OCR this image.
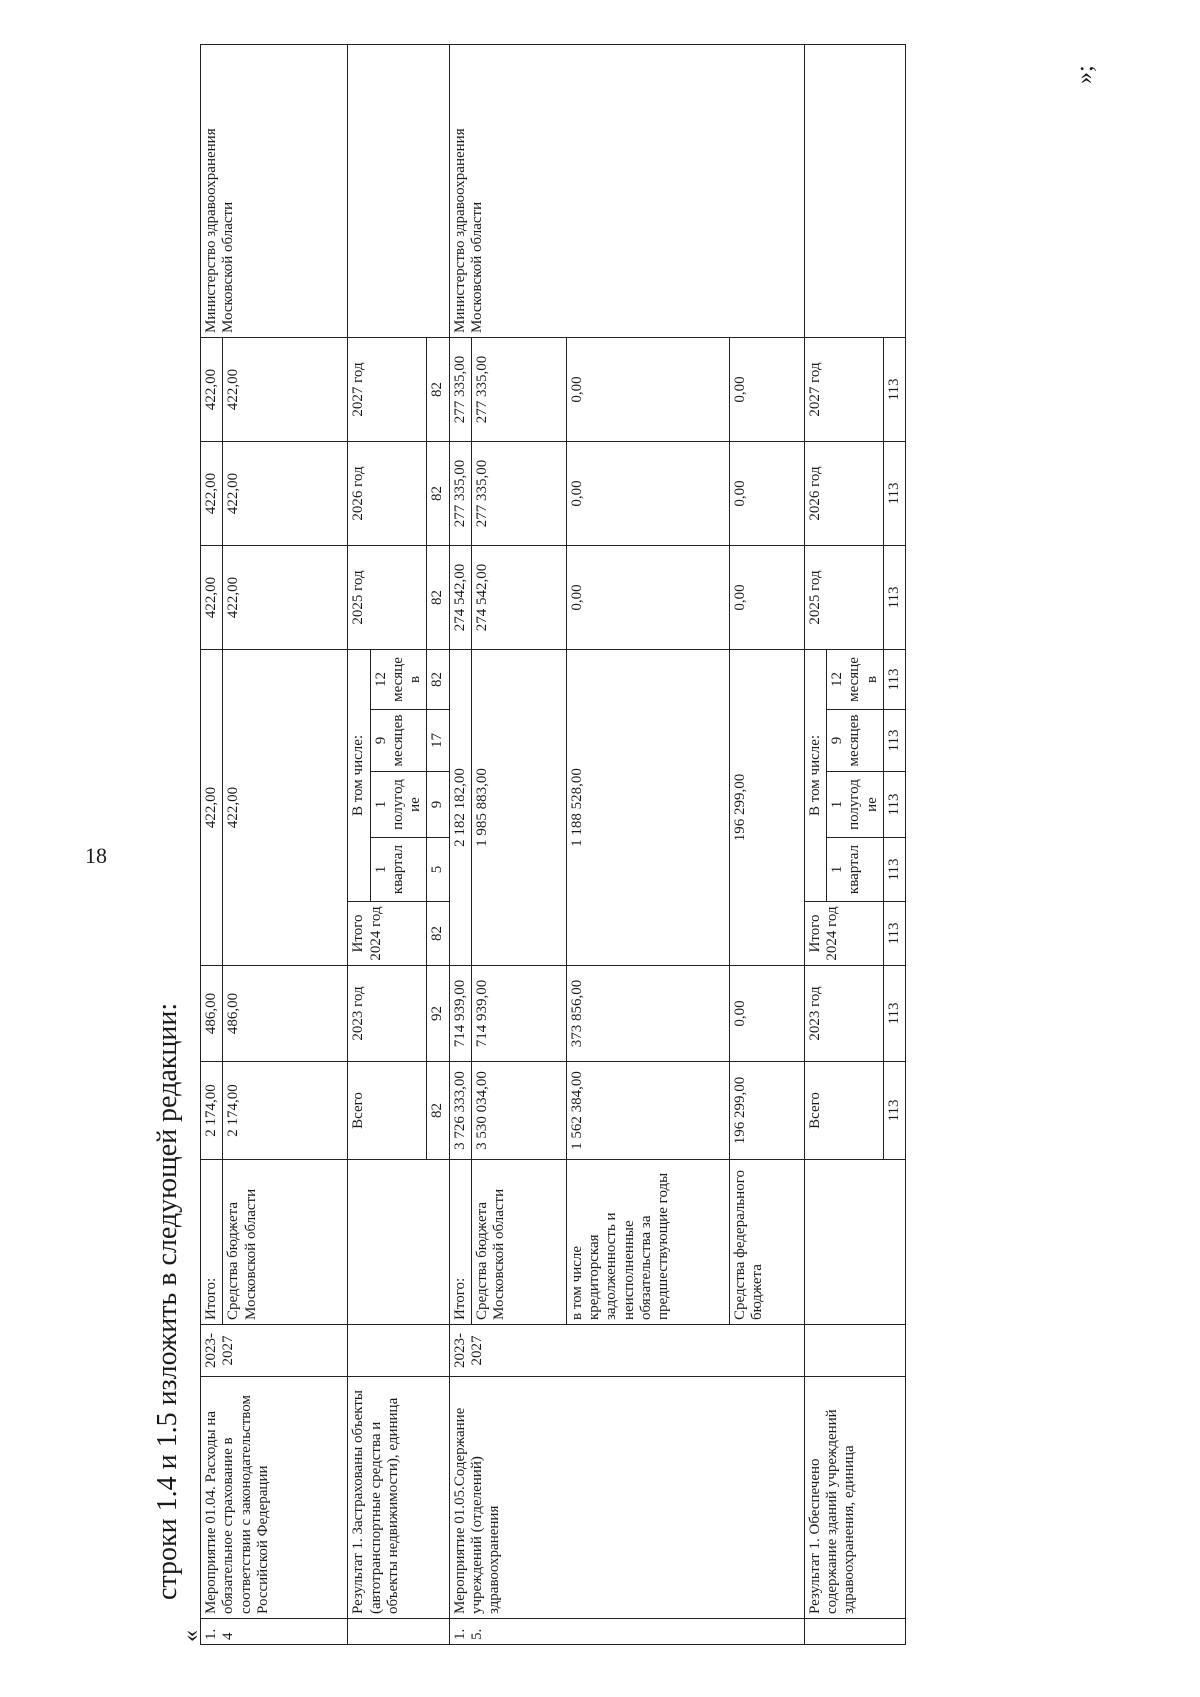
18
строки 1.4 и 1.5 изложить в следующей редакции:
«
»;
1.4	Мероприятие 01.04. Расходы на обязательное страхование в соответствии с законодательством Российской Федерации	2023-2027	Итого:	2 174,00	486,00	422,00					422,00	422,00	422,00	Министерство здравоохранения Московской области
			Средства бюджета Московской области	2 174,00	486,00	422,00					422,00	422,00	422,00	
	Результат 1. Застрахованы объекты (автотранспортные средства и объекты недвижимости), единица			Всего	2023 год	Итого 2024 год	В том числе:				2025 год	2026 год	2027 год	
							1 квартал	1 полугодие	9 месяцев	12 месяцев				
				82	92	82	5	9	17	82	82	82	82	
1.5.	Мероприятие 01.05.Содержание учреждений (отделений) здравоохранения	2023-2027	Итого:	3 726 333,00	714 939,00	2 182 182,00					274 542,00	277 335,00	277 335,00	Министерство здравоохранения Московской области
			Средства бюджета Московской области	3 530 034,00	714 939,00	1 985 883,00					274 542,00	277 335,00	277 335,00	
			в том числе кредиторская задолженность и неисполненные обязательства за предшествующие годы	1 562 384,00	373 856,00	1 188 528,00					0,00	0,00	0,00	
			Средства федерального бюджета	196 299,00	0,00	196 299,00					0,00	0,00	0,00	
	Результат 1. Обеспечено содержание зданий учреждений здравоохранения, единица			Всего	2023 год	Итого 2024 год	В том числе:				2025 год	2026 год	2027 год	
							1 квартал	1 полугодие	9 месяцев	12 месяцев				
				113	113	113	113	113	113	113	113	113	113	
